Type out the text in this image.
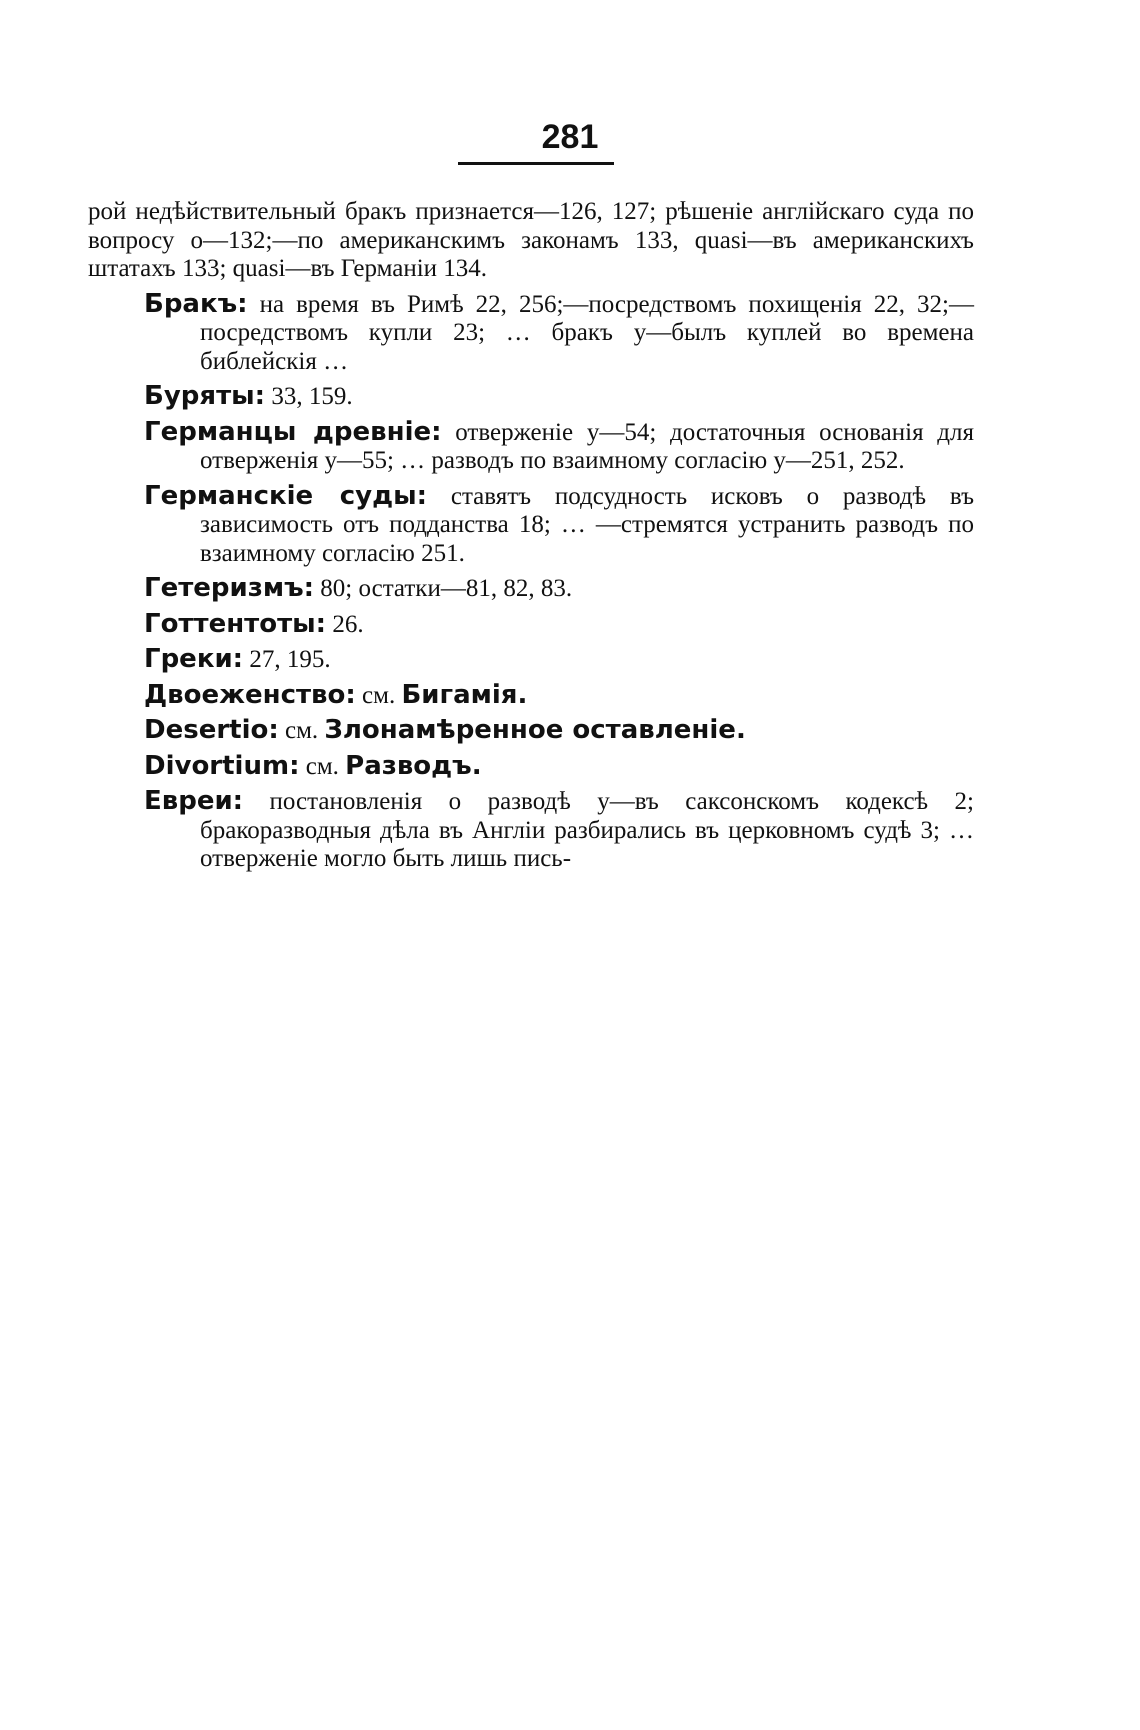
281

рой недѣйствительный бракъ признается—126, 127; рѣшеніе англійскаго суда по вопросу о—132;—по американскимъ законамъ 133, quasi—въ американскихъ штатахъ 133; quasi—въ Германіи 134.

Бракъ: на время въ Римѣ 22, 256;—посредствомъ похищенія 22, 32;—посредствомъ купли 23; … бракъ у—былъ куплей во времена библейскія …

Буряты: 33, 159.

Германцы древніе: отверженіе у—54; достаточныя основанія для отверженія у—55; … разводъ по взаимному согласію у—251, 252.

Германскіе суды: ставятъ подсудность исковъ о разводѣ въ зависимость отъ подданства 18; … —стремятся устранить разводъ по взаимному согласію 251.

Гетеризмъ: 80; остатки—81, 82, 83.

Готтентоты: 26.

Греки: 27, 195.

Двоеженство: см. Бигамія.

Desertio: см. Злонамѣренное оставленіе.

Divortium: см. Разводъ.

Евреи: постановленія о разводѣ у—въ саксонскомъ кодексѣ 2; бракоразводныя дѣла въ Англіи разбирались въ церковномъ судѣ 3; … отверженіе могло быть лишь пись-
